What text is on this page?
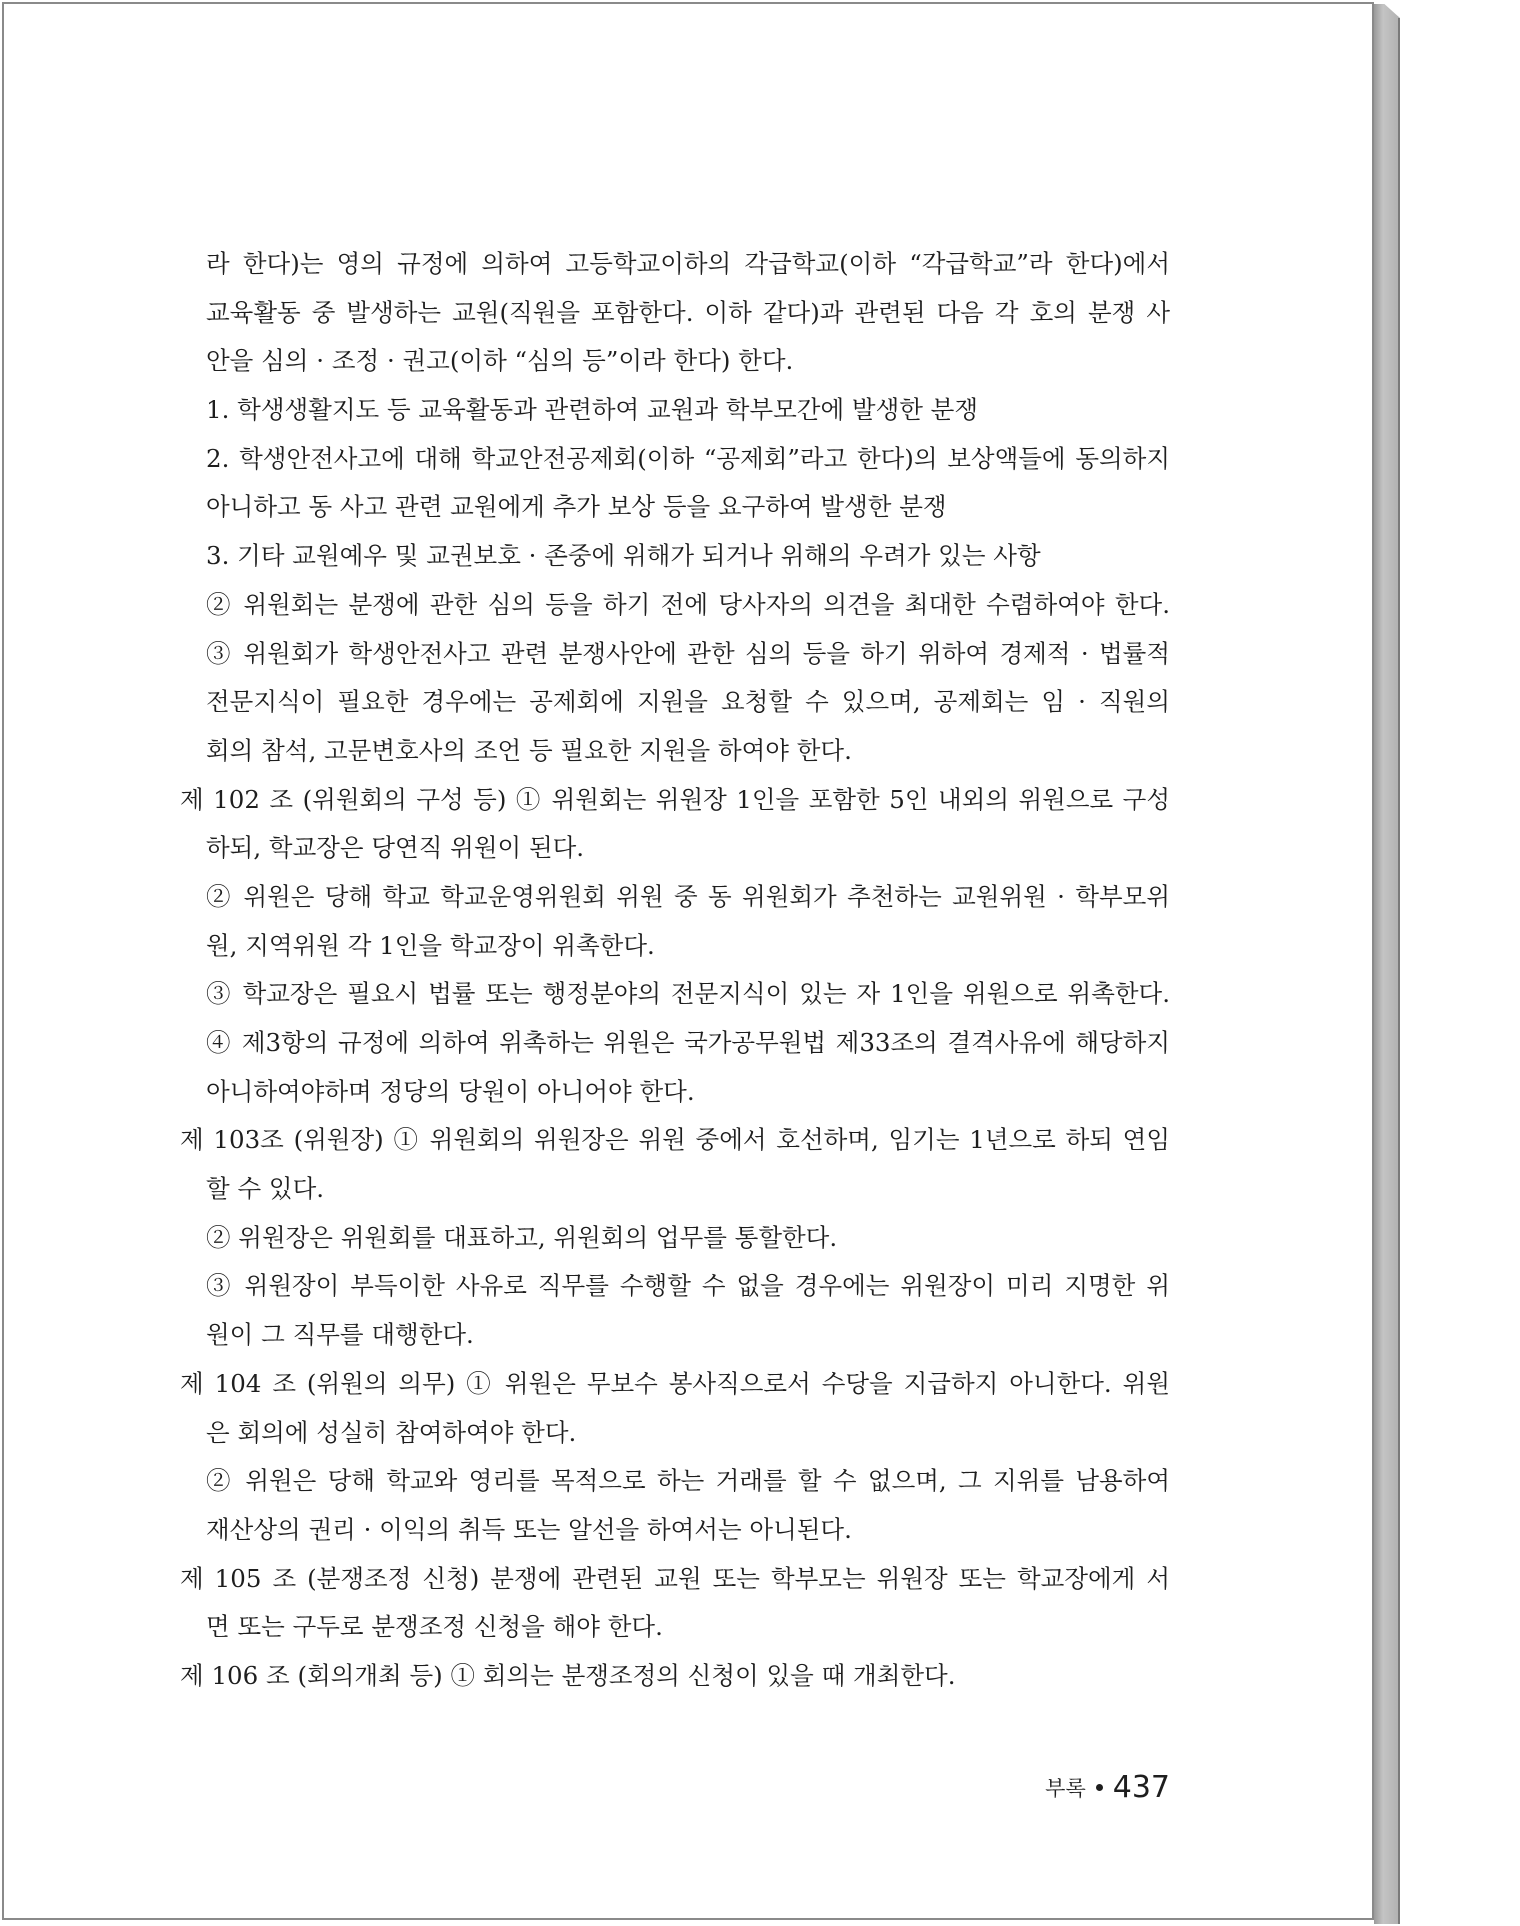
라 한다)는 영의 규정에 의하여 고등학교이하의 각급학교(이하 “각급학교”라 한다)에서
교육활동 중 발생하는 교원(직원을 포함한다. 이하 같다)과 관련된 다음 각 호의 분쟁 사
안을 심의 · 조정 · 권고(이하 “심의 등”이라 한다) 한다.
1. 학생생활지도 등 교육활동과 관련하여 교원과 학부모간에 발생한 분쟁
2. 학생안전사고에 대해 학교안전공제회(이하 “공제회”라고 한다)의 보상액들에 동의하지
아니하고 동 사고 관련 교원에게 추가 보상 등을 요구하여 발생한 분쟁
3. 기타 교원예우 및 교권보호 · 존중에 위해가 되거나 위해의 우려가 있는 사항
② 위원회는 분쟁에 관한 심의 등을 하기 전에 당사자의 의견을 최대한 수렴하여야 한다.
③ 위원회가 학생안전사고 관련 분쟁사안에 관한 심의 등을 하기 위하여 경제적 · 법률적
전문지식이 필요한 경우에는 공제회에 지원을 요청할 수 있으며, 공제회는 임 · 직원의
회의 참석, 고문변호사의 조언 등 필요한 지원을 하여야 한다.
제 102 조 (위원회의 구성 등) ① 위원회는 위원장 1인을 포함한 5인 내외의 위원으로 구성
하되, 학교장은 당연직 위원이 된다.
② 위원은 당해 학교 학교운영위원회 위원 중 동 위원회가 추천하는 교원위원 · 학부모위
원, 지역위원 각 1인을 학교장이 위촉한다.
③ 학교장은 필요시 법률 또는 행정분야의 전문지식이 있는 자 1인을 위원으로 위촉한다.
④ 제3항의 규정에 의하여 위촉하는 위원은 국가공무원법 제33조의 결격사유에 해당하지
아니하여야하며 정당의 당원이 아니어야 한다.
제 103조 (위원장) ① 위원회의 위원장은 위원 중에서 호선하며, 임기는 1년으로 하되 연임
할 수 있다.
② 위원장은 위원회를 대표하고, 위원회의 업무를 통할한다.
③ 위원장이 부득이한 사유로 직무를 수행할 수 없을 경우에는 위원장이 미리 지명한 위
원이 그 직무를 대행한다.
제 104 조 (위원의 의무) ① 위원은 무보수 봉사직으로서 수당을 지급하지 아니한다. 위원
은 회의에 성실히 참여하여야 한다.
② 위원은 당해 학교와 영리를 목적으로 하는 거래를 할 수 없으며, 그 지위를 남용하여
재산상의 권리 · 이익의 취득 또는 알선을 하여서는 아니된다.
제 105 조 (분쟁조정 신청) 분쟁에 관련된 교원 또는 학부모는 위원장 또는 학교장에게 서
면 또는 구두로 분쟁조정 신청을 해야 한다.
제 106 조 (회의개최 등) ① 회의는 분쟁조정의 신청이 있을 때 개최한다.
부록 437
